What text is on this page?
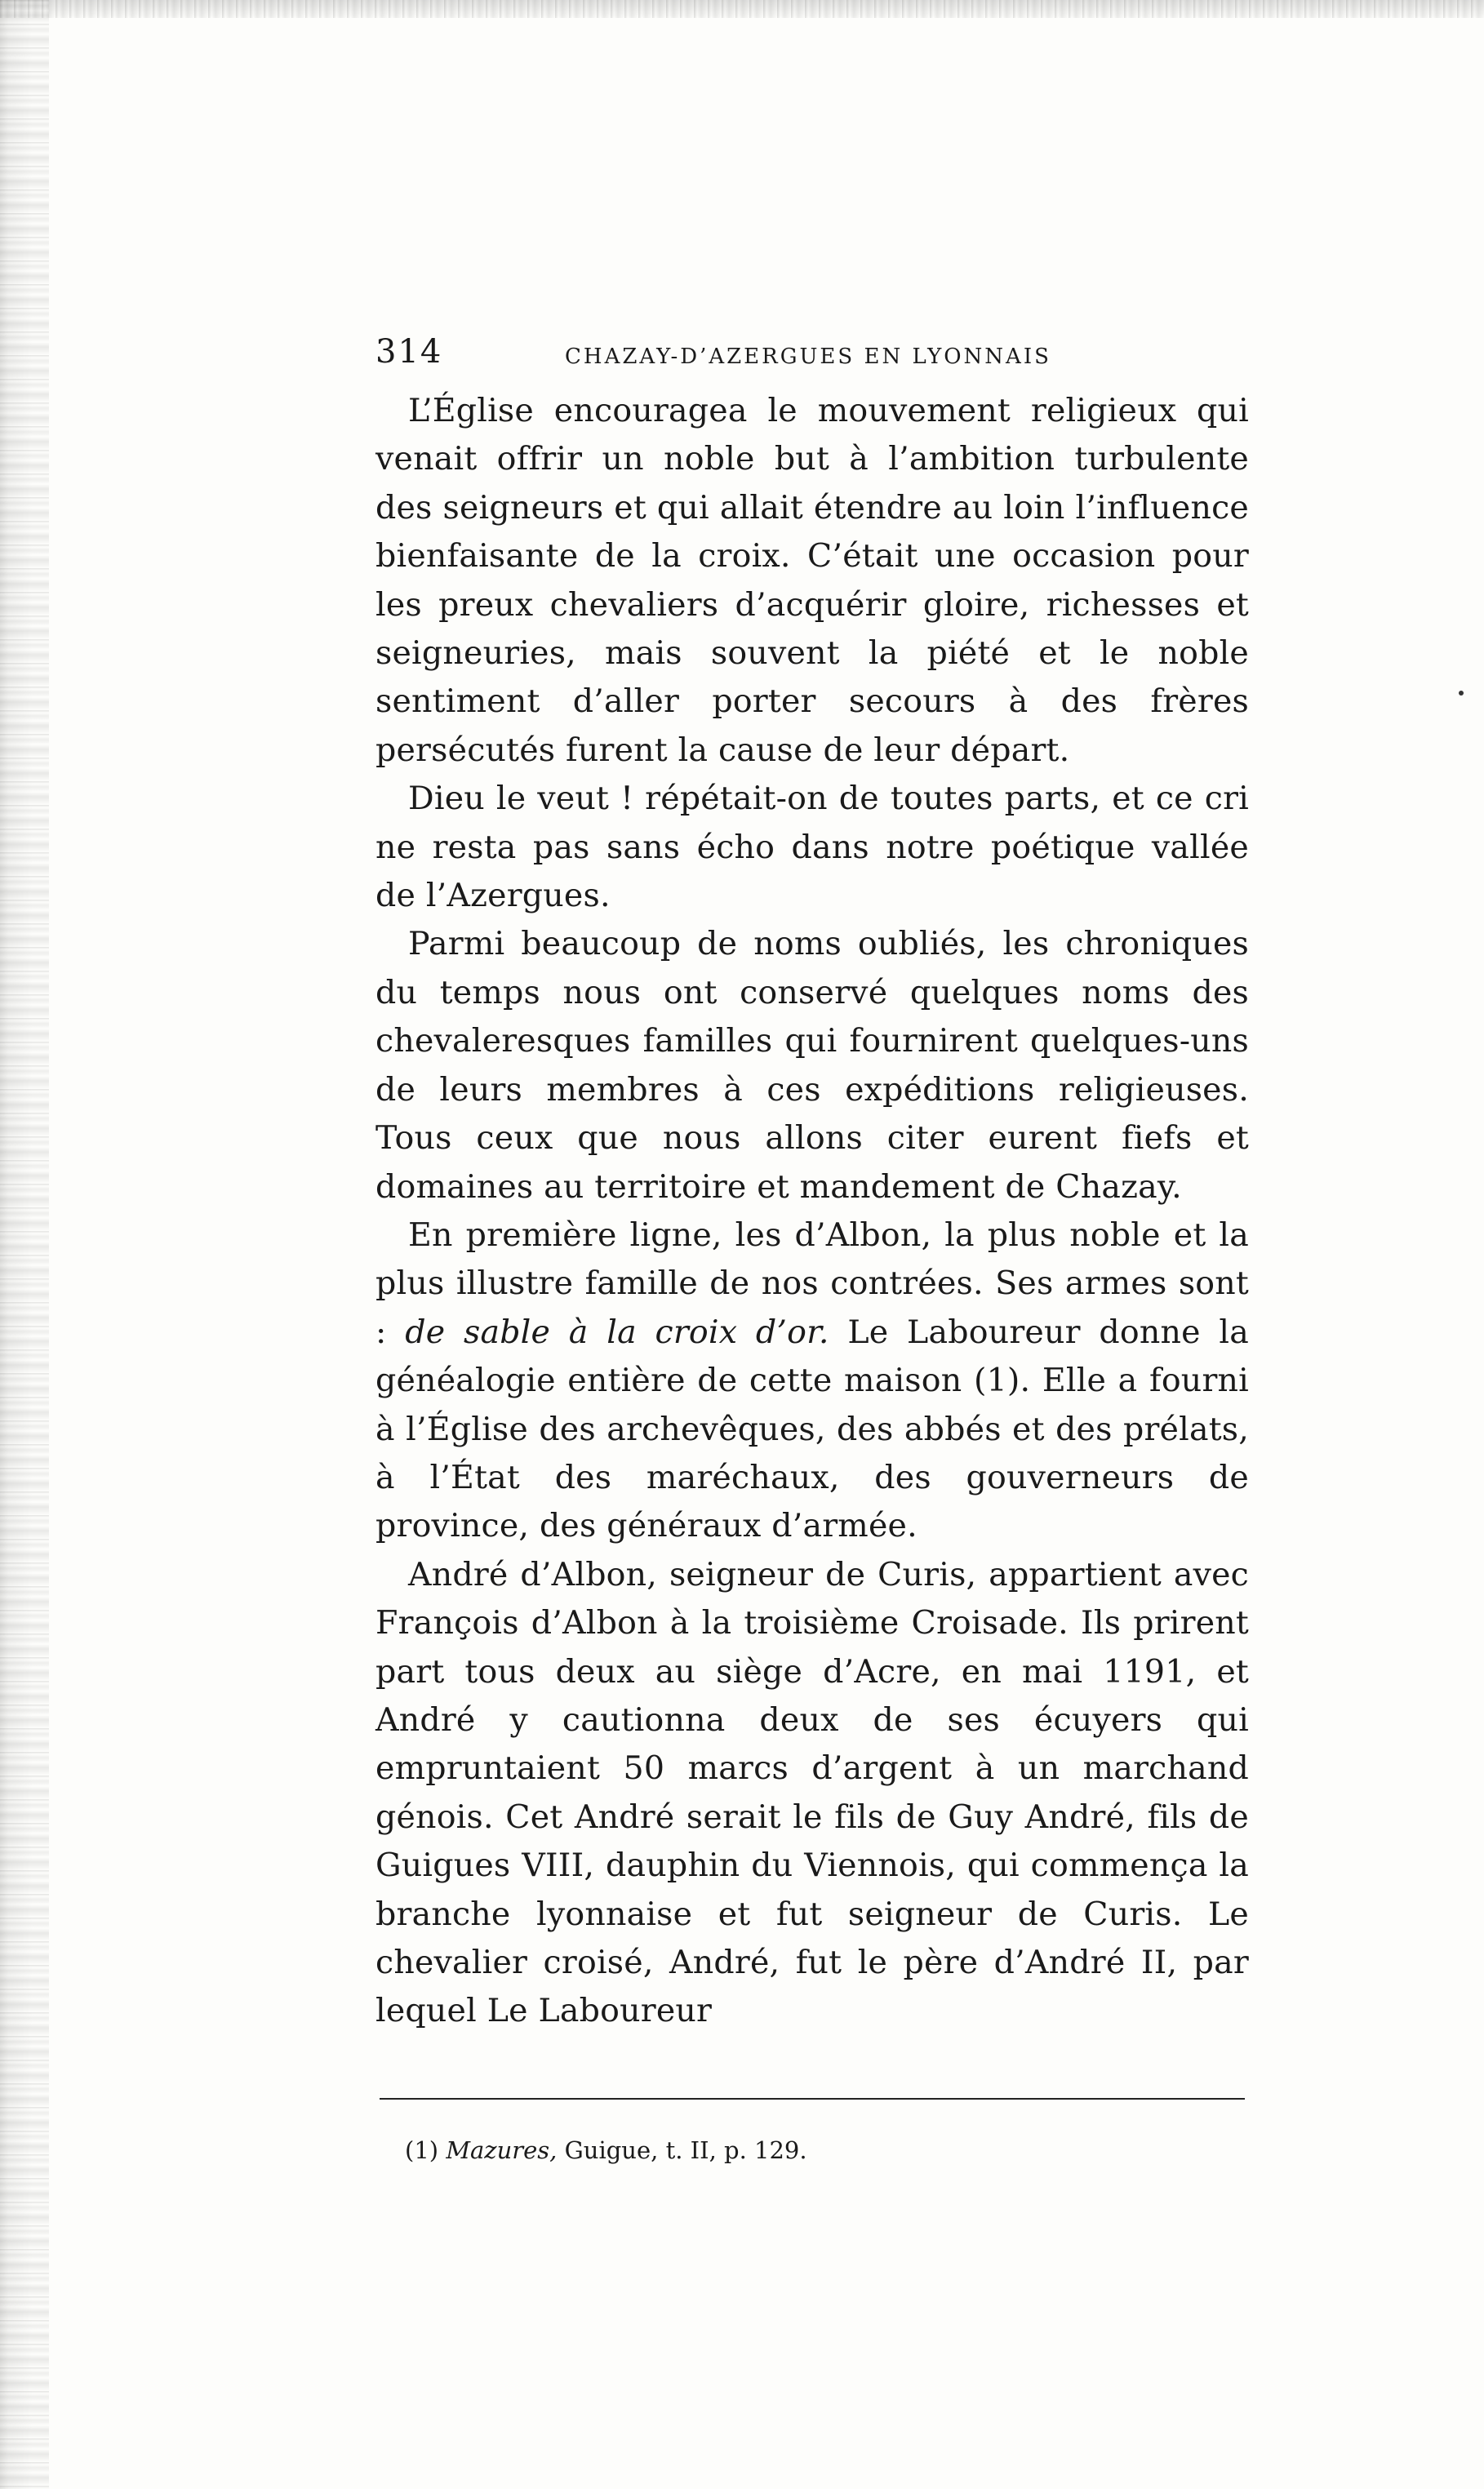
314	CHAZAY-D’AZERGUES EN LYONNAIS

L’Église encouragea le mouvement religieux qui venait offrir un noble but à l’ambition turbulente des seigneurs et qui allait étendre au loin l’influence bienfaisante de la croix. C’était une occasion pour les preux chevaliers d’acquérir gloire, richesses et seigneuries, mais souvent la piété et le noble sentiment d’aller porter secours à des frères persécutés furent la cause de leur départ.

Dieu le veut ! répétait-on de toutes parts, et ce cri ne resta pas sans écho dans notre poétique vallée de l’Azergues.

Parmi beaucoup de noms oubliés, les chroniques du temps nous ont conservé quelques noms des chevaleresques familles qui fournirent quelques-uns de leurs membres à ces expéditions religieuses. Tous ceux que nous allons citer eurent fiefs et domaines au territoire et mandement de Chazay.

En première ligne, les d’Albon, la plus noble et la plus illustre famille de nos contrées. Ses armes sont : de sable à la croix d’or. Le Laboureur donne la généalogie entière de cette maison (1). Elle a fourni à l’Église des archevêques, des abbés et des prélats, à l’État des maréchaux, des gouverneurs de province, des généraux d’armée.

André d’Albon, seigneur de Curis, appartient avec François d’Albon à la troisième Croisade. Ils prirent part tous deux au siège d’Acre, en mai 1191, et André y cautionna deux de ses écuyers qui empruntaient 50 marcs d’argent à un marchand génois. Cet André serait le fils de Guy André, fils de Guigues VIII, dauphin du Viennois, qui commença la branche lyonnaise et fut seigneur de Curis. Le chevalier croisé, André, fut le père d’André II, par lequel Le Laboureur

(1) Mazures, Guigue, t. II, p. 129.
